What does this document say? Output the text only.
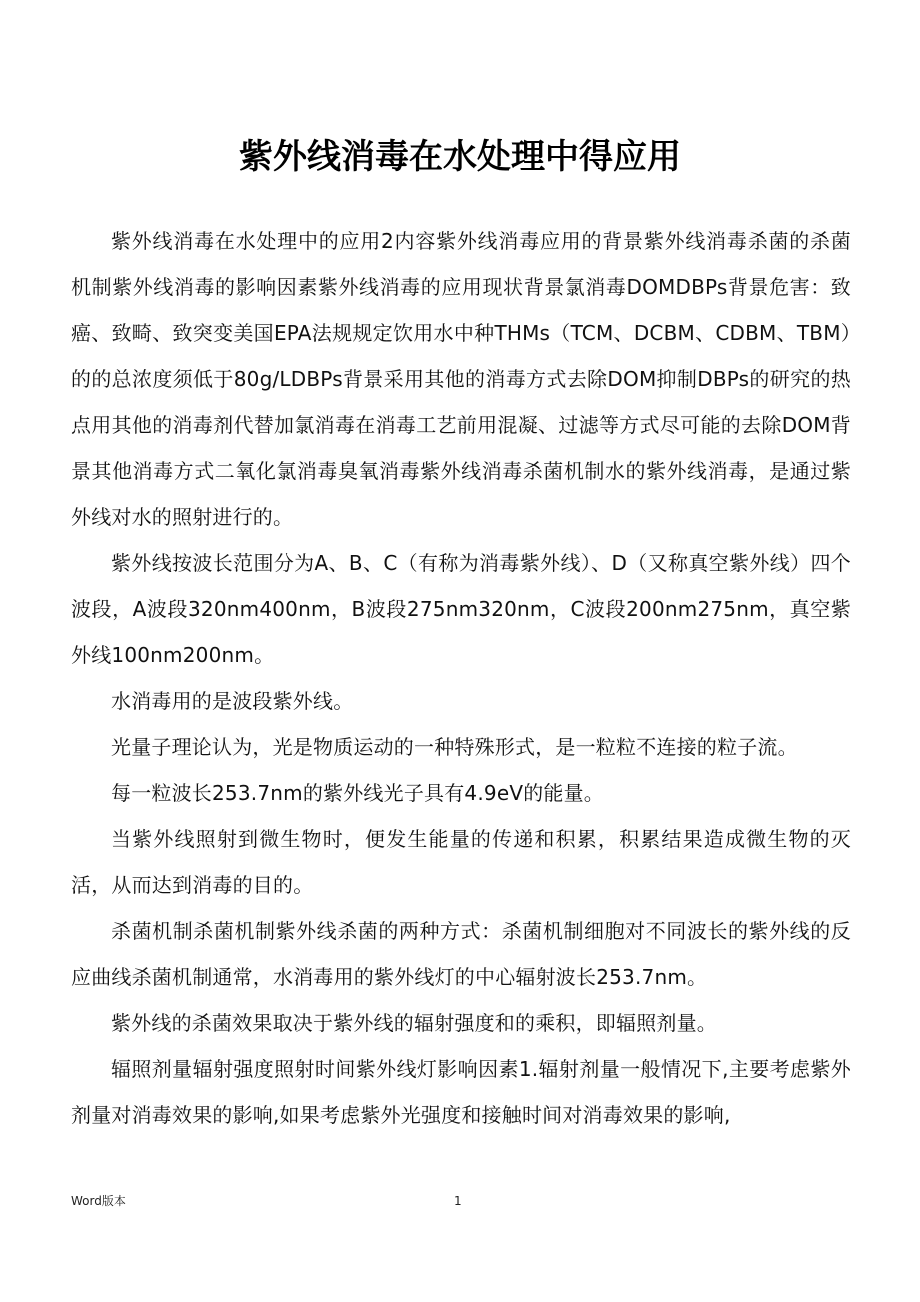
紫外线消毒在水处理中得应用

紫外线消毒在水处理中的应用2内容紫外线消毒应用的背景紫外线消毒杀菌的杀菌机制紫外线消毒的影响因素紫外线消毒的应用现状背景氯消毒DOMDBPs背景危害：致癌、致畸、致突变美国EPA法规规定饮用水中种THMs（TCM、DCBM、CDBM、TBM）的的总浓度须低于80g/LDBPs背景采用其他的消毒方式去除DOM抑制DBPs的研究的热点用其他的消毒剂代替加氯消毒在消毒工艺前用混凝、过滤等方式尽可能的去除DOM背景其他消毒方式二氧化氯消毒臭氧消毒紫外线消毒杀菌机制水的紫外线消毒，是通过紫外线对水的照射进行的。

紫外线按波长范围分为A、B、C（有称为消毒紫外线）、D（又称真空紫外线）四个波段，A波段320nm400nm，B波段275nm320nm，C波段200nm275nm，真空紫外线100nm200nm。

水消毒用的是波段紫外线。

光量子理论认为，光是物质运动的一种特殊形式，是一粒粒不连接的粒子流。

每一粒波长253.7nm的紫外线光子具有4.9eV的能量。

当紫外线照射到微生物时，便发生能量的传递和积累，积累结果造成微生物的灭活，从而达到消毒的目的。

杀菌机制杀菌机制紫外线杀菌的两种方式：杀菌机制细胞对不同波长的紫外线的反应曲线杀菌机制通常，水消毒用的紫外线灯的中心辐射波长253.7nm。

紫外线的杀菌效果取决于紫外线的辐射强度和的乘积，即辐照剂量。

辐照剂量辐射强度照射时间紫外线灯影响因素1.辐射剂量一般情况下,主要考虑紫外剂量对消毒效果的影响,如果考虑紫外光强度和接触时间对消毒效果的影响,

Word版本	1
